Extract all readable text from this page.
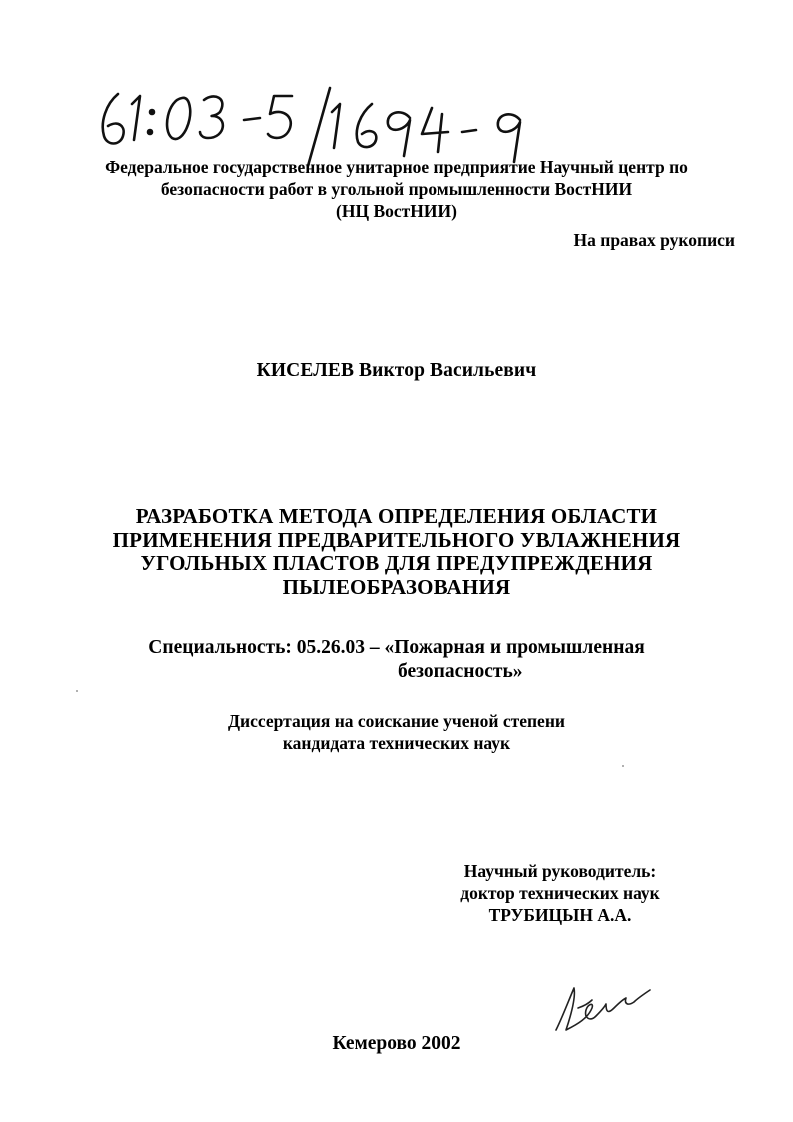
Федеральное государственное унитарное предприятие Научный центр по
безопасности работ в угольной промышленности ВостНИИ
(НЦ ВостНИИ)
На правах рукописи
КИСЕЛЕВ Виктор Васильевич
РАЗРАБОТКА МЕТОДА ОПРЕДЕЛЕНИЯ ОБЛАСТИ
ПРИМЕНЕНИЯ ПРЕДВАРИТЕЛЬНОГО УВЛАЖНЕНИЯ
УГОЛЬНЫХ ПЛАСТОВ ДЛЯ ПРЕДУПРЕЖДЕНИЯ
ПЫЛЕОБРАЗОВАНИЯ
Специальность: 05.26.03 – «Пожарная и промышленная
безопасность»
Диссертация на соискание ученой степени
кандидата технических наук
Научный руководитель:
доктор технических наук
ТРУБИЦЫН А.А.
Кемерово 2002
